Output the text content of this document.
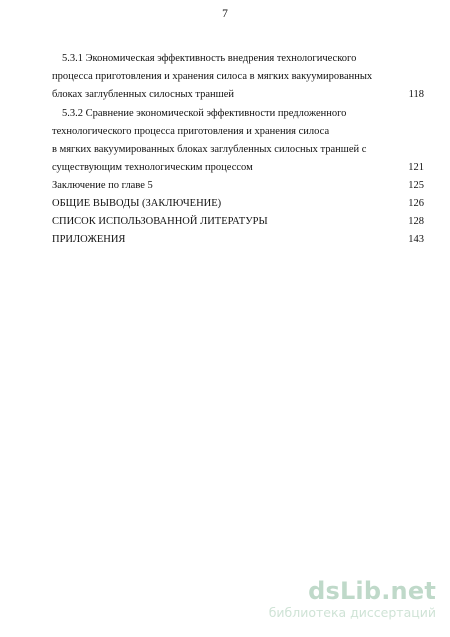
7
5.3.1 Экономическая эффективность внедрения технологического
процесса приготовления и хранения силоса в мягких вакуумированных
блоках заглубленных силосных траншей	118
5.3.2 Сравнение экономической эффективности предложенного
технологического процесса приготовления и хранения силоса
в мягких вакуумированных блоках заглубленных силосных траншей с
существующим технологическим процессом	121
Заключение по главе 5	125
ОБЩИЕ ВЫВОДЫ (ЗАКЛЮЧЕНИЕ)	126
СПИСОК ИСПОЛЬЗОВАННОЙ ЛИТЕРАТУРЫ	128
ПРИЛОЖЕНИЯ	143
dsLib.net
библиотека диссертаций
